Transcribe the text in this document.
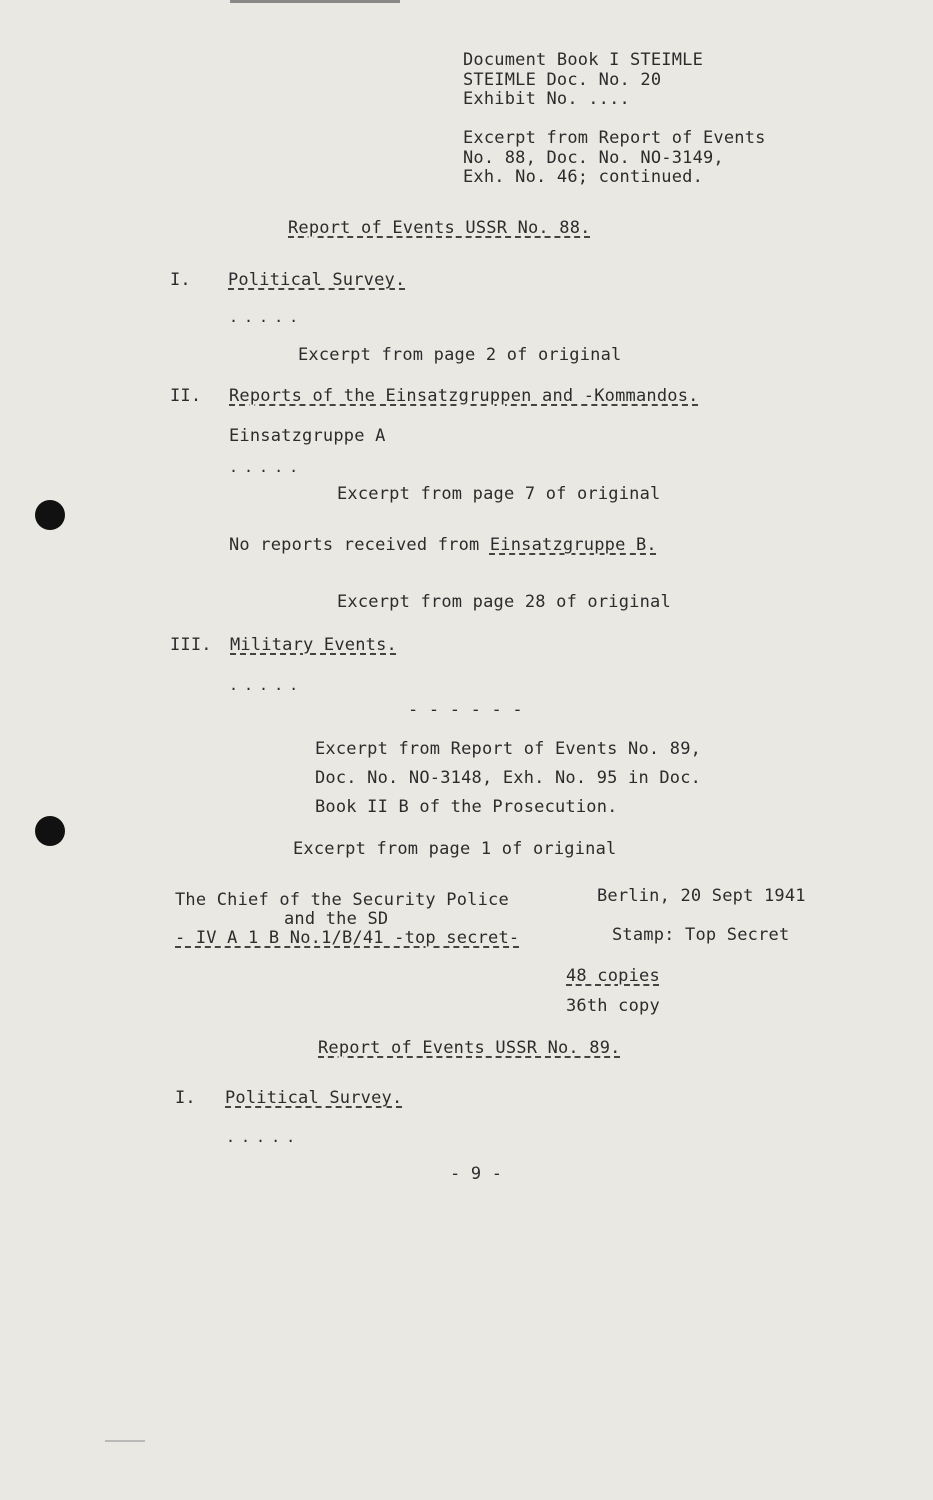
Document Book I STEIMLE
STEIMLE Doc. No. 20
Exhibit No. ....
Excerpt from Report of Events
No. 88, Doc. No. NO-3149,
Exh. No. 46; continued.
Report of Events USSR No. 88.
I. Political Survey.
.....
Excerpt from page 2 of original
II. Reports of the Einsatzgruppen and -Kommandos.
Einsatzgruppe A
.....
Excerpt from page 7 of original
No reports received from Einsatzgruppe B.
Excerpt from page 28 of original
III. Military Events.
.....
- - - - - -
Excerpt from Report of Events No. 89,
Doc. No. NO-3148, Exh. No. 95 in Doc.
Book II B of the Prosecution.
Excerpt from page 1 of original
The Chief of the Security Police
and the SD
- IV A 1 B No.1/B/41 -top secret-
Berlin, 20 Sept 1941
Stamp: Top Secret
48 copies
36th copy
Report of Events USSR No. 89.
I. Political Survey.
.....
- 9 -
